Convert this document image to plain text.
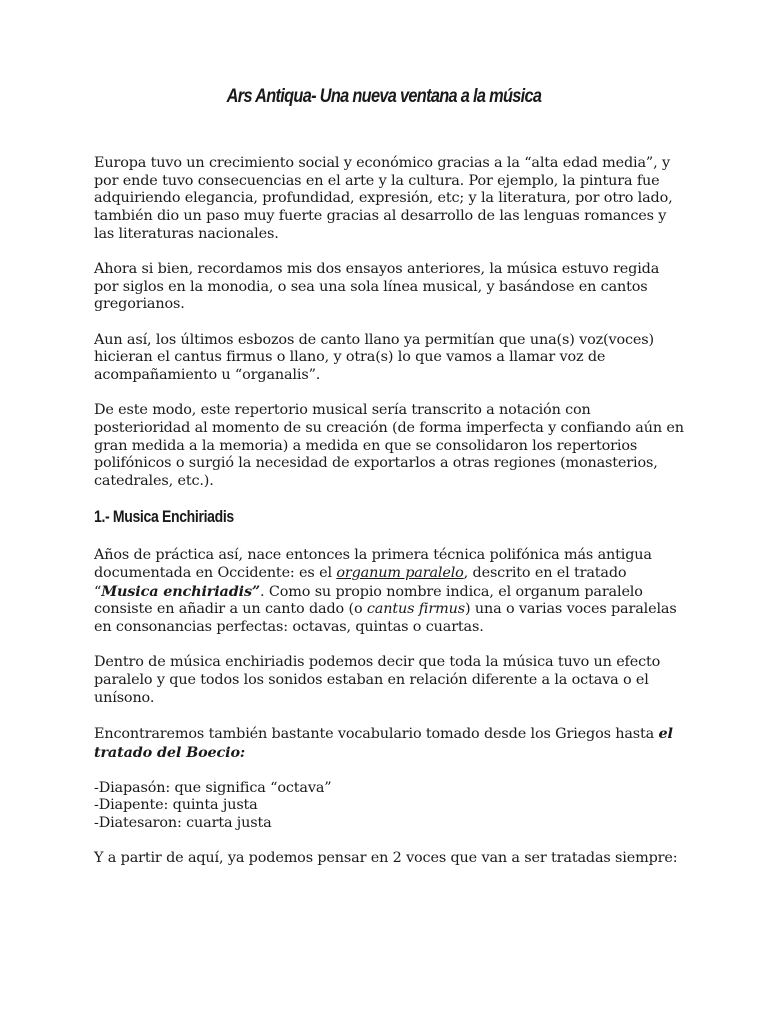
Ars Antiqua- Una nueva ventana a la música

Europa tuvo un crecimiento social y económico gracias a la “alta edad media”, y por ende tuvo consecuencias en el arte y la cultura. Por ejemplo, la pintura fue adquiriendo elegancia, profundidad, expresión, etc; y la literatura, por otro lado, también dio un paso muy fuerte gracias al desarrollo de las lenguas romances y las literaturas nacionales.

Ahora si bien, recordamos mis dos ensayos anteriores, la música estuvo regida por siglos en la monodia, o sea una sola línea musical, y basándose en cantos gregorianos.

Aun así, los últimos esbozos de canto llano ya permitían que una(s) voz(voces) hicieran el cantus firmus o llano, y otra(s) lo que vamos a llamar voz de acompañamiento u “organalis”.

De este modo, este repertorio musical sería transcrito a notación con posterioridad al momento de su creación (de forma imperfecta y confiando aún en gran medida a la memoria) a medida en que se consolidaron los repertorios polifónicos o surgió la necesidad de exportarlos a otras regiones (monasterios, catedrales, etc.).

1.- Musica Enchiriadis

Años de práctica así, nace entonces la primera técnica polifónica más antigua documentada en Occidente: es el organum paralelo, descrito en el tratado “Musica enchiriadis”. Como su propio nombre indica, el organum paralelo consiste en añadir a un canto dado (o cantus firmus) una o varias voces paralelas en consonancias perfectas: octavas, quintas o cuartas.

Dentro de música enchiriadis podemos decir que toda la música tuvo un efecto paralelo y que todos los sonidos estaban en relación diferente a la octava o el unísono.

Encontraremos también bastante vocabulario tomado desde los Griegos hasta el tratado del Boecio:

-Diapasón: que significa “octava”

-Diapente: quinta justa

-Diatesaron: cuarta justa

Y a partir de aquí, ya podemos pensar en 2 voces que van a ser tratadas siempre:
